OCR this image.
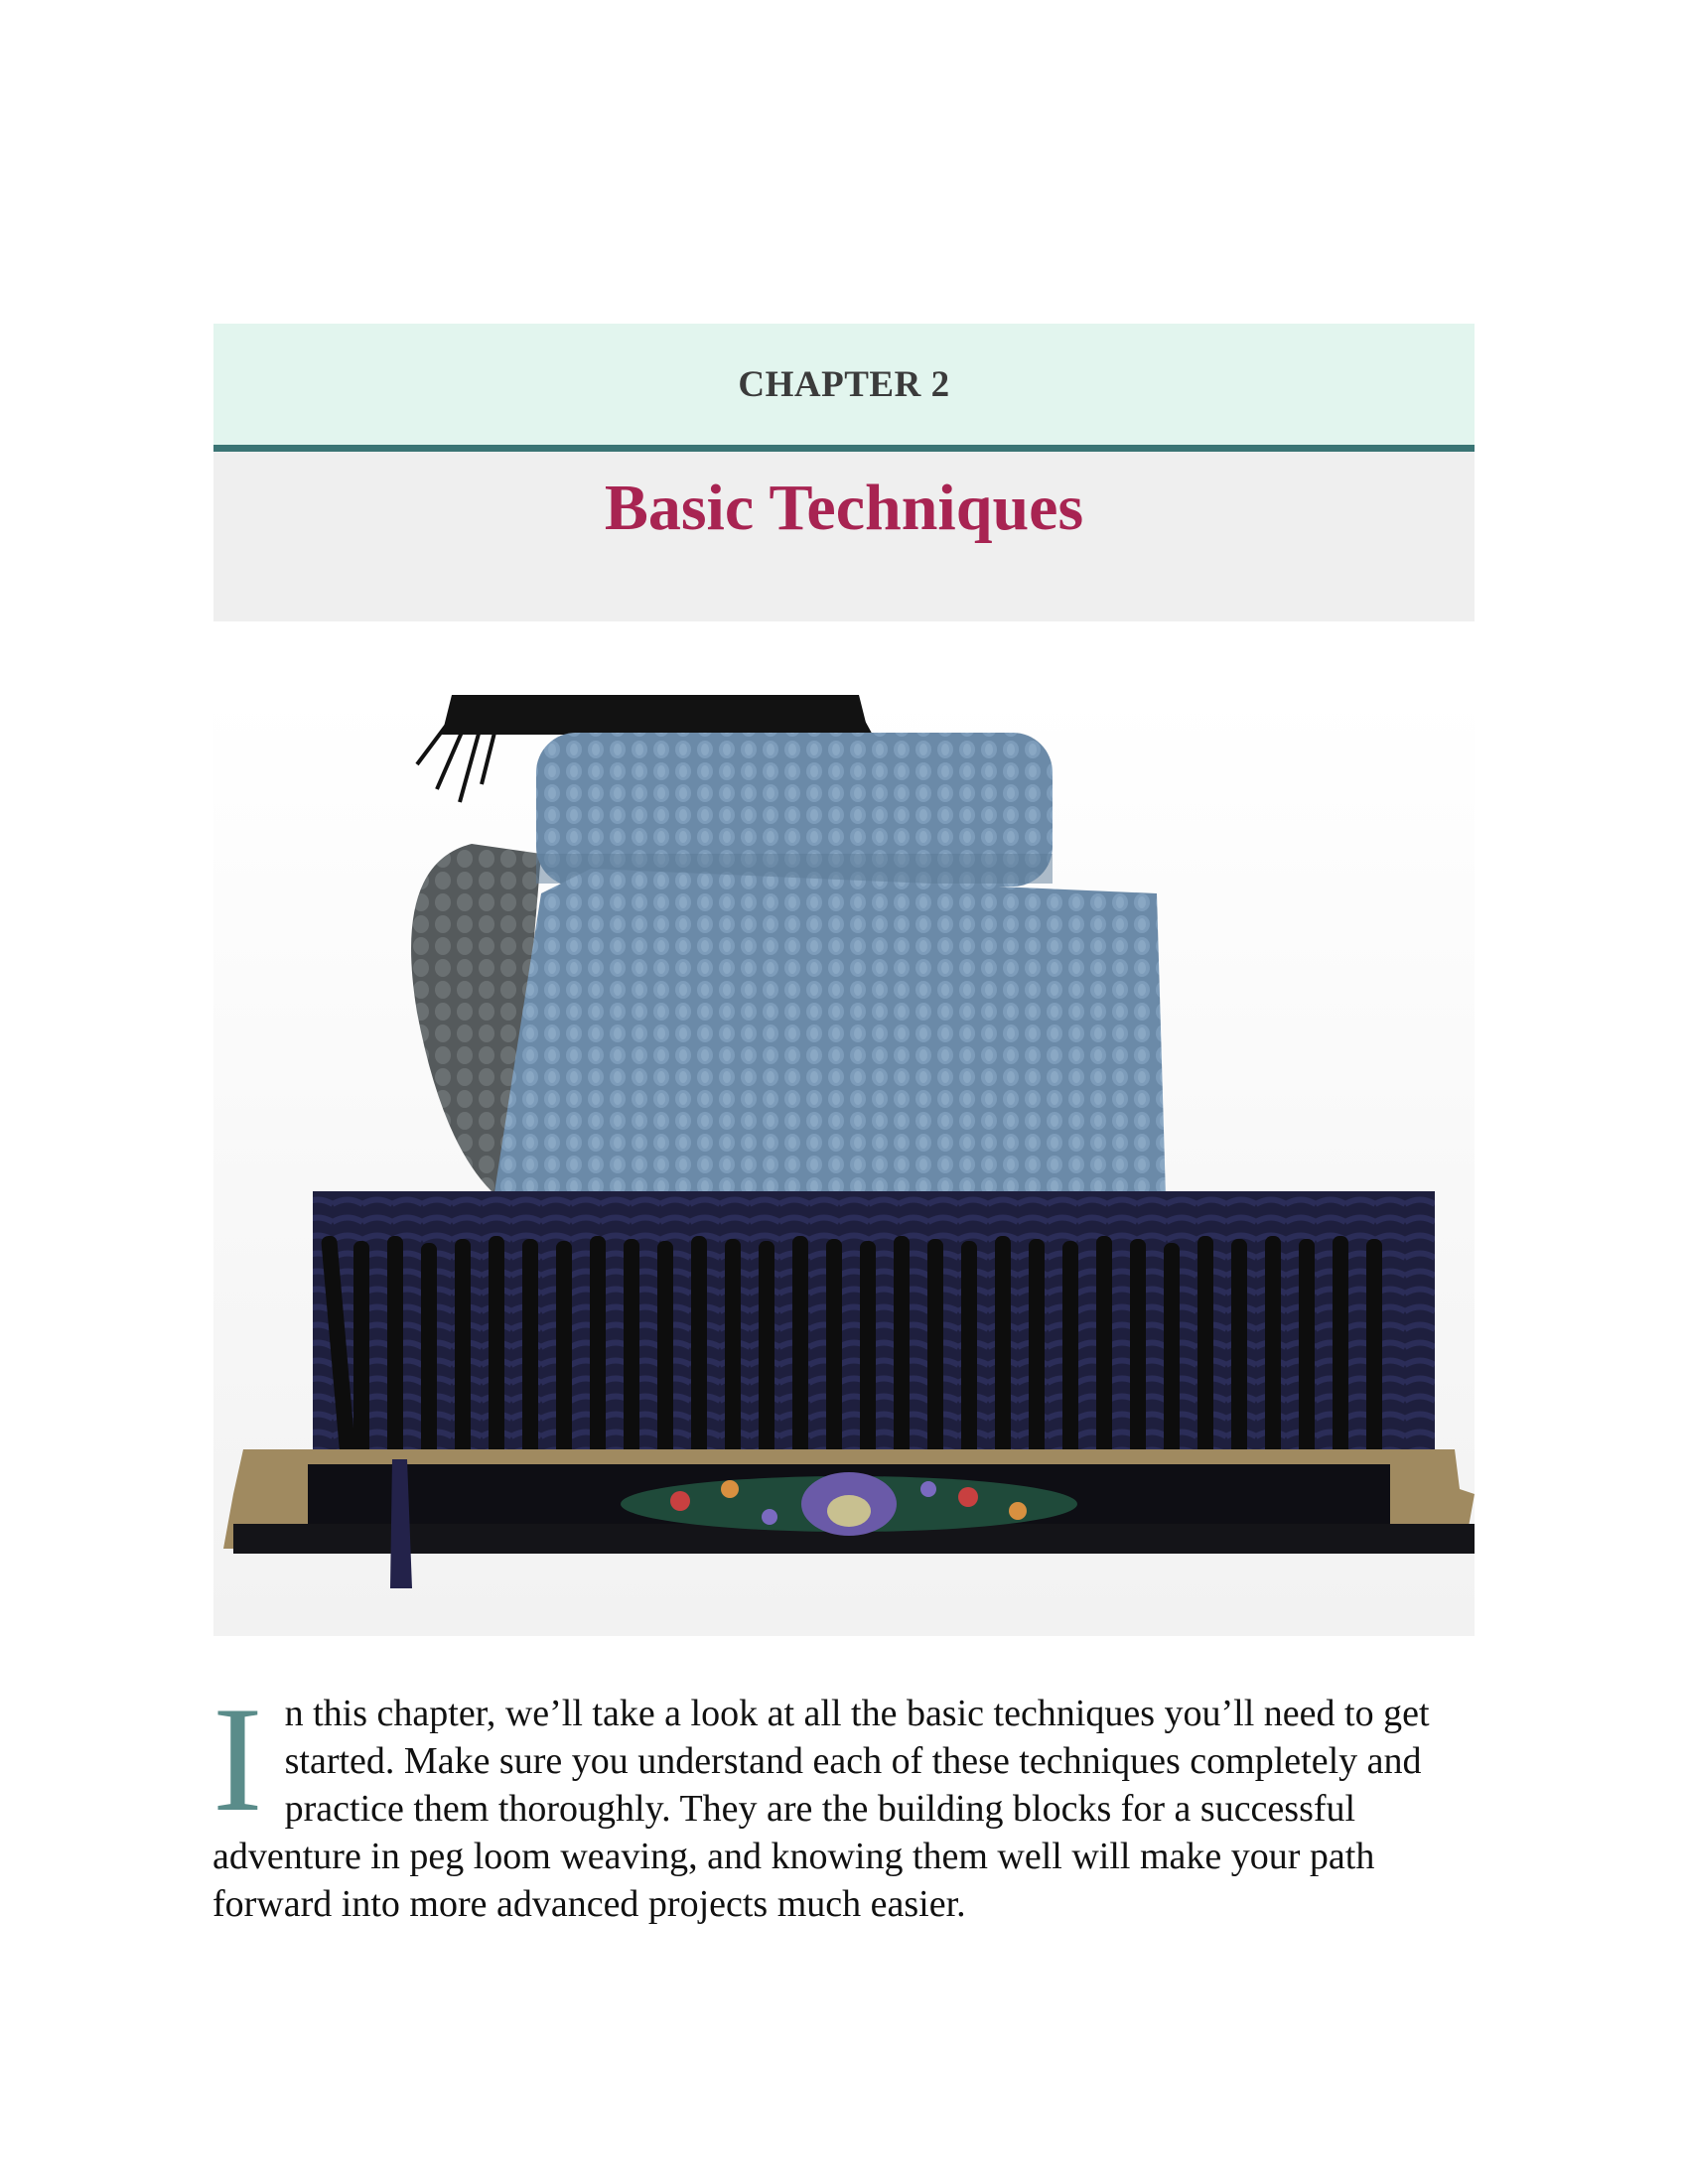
CHAPTER 2
Basic Techniques
In this chapter, we’ll take a look at all the basic techniques you’ll need to get started. Make sure you understand each of these techniques completely and practice them thoroughly. They are the building blocks for a successful adventure in peg loom weaving, and knowing them well will make your path forward into more advanced projects much easier.
